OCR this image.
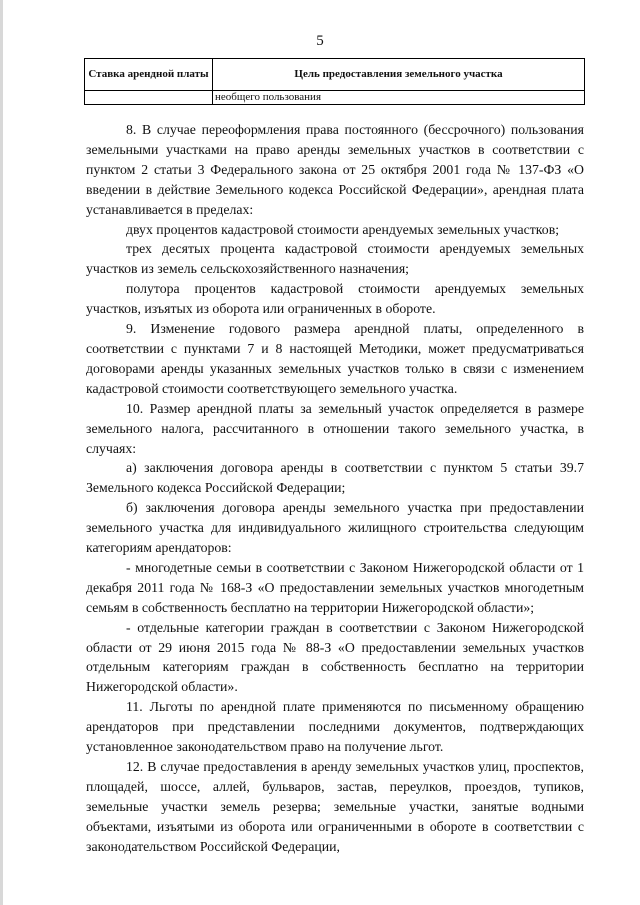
5
Ставка арендной платы	Цель предоставления земельного участка
	необщего пользования

8. В случае переоформления права постоянного (бессрочного) пользования земельными участками на право аренды земельных участков в соответствии с пунктом 2 статьи 3 Федерального закона от 25 октября 2001 года № 137-ФЗ «О введении в действие Земельного кодекса Российской Федерации», арендная плата устанавливается в пределах:

двух процентов кадастровой стоимости арендуемых земельных участков;

трех десятых процента кадастровой стоимости арендуемых земельных участков из земель сельскохозяйственного назначения;

полутора процентов кадастровой стоимости арендуемых земельных участков, изъятых из оборота или ограниченных в обороте.

9. Изменение годового размера арендной платы, определенного в соответствии с пунктами 7 и 8 настоящей Методики, может предусматриваться договорами аренды указанных земельных участков только в связи с изменением кадастровой стоимости соответствующего земельного участка.

10. Размер арендной платы за земельный участок определяется в размере земельного налога, рассчитанного в отношении такого земельного участка, в случаях:

а) заключения договора аренды в соответствии с пунктом 5 статьи 39.7 Земельного кодекса Российской Федерации;

б) заключения договора аренды земельного участка при предоставлении земельного участка для индивидуального жилищного строительства следующим категориям арендаторов:

- многодетные семьи в соответствии с Законом Нижегородской области от 1 декабря 2011 года № 168-З «О предоставлении земельных участков многодетным семьям в собственность бесплатно на территории Нижегородской области»;

- отдельные категории граждан в соответствии с Законом Нижегородской области от 29 июня 2015 года № 88-З «О предоставлении земельных участков отдельным категориям граждан в собственность бесплатно на территории Нижегородской области».

11. Льготы по арендной плате применяются по письменному обращению арендаторов при представлении последними документов, подтверждающих установленное законодательством право на получение льгот.

12. В случае предоставления в аренду земельных участков улиц, проспектов, площадей, шоссе, аллей, бульваров, застав, переулков, проездов, тупиков, земельные участки земель резерва; земельные участки, занятые водными объектами, изъятыми из оборота или ограниченными в обороте в соответствии с законодательством Российской Федерации,
